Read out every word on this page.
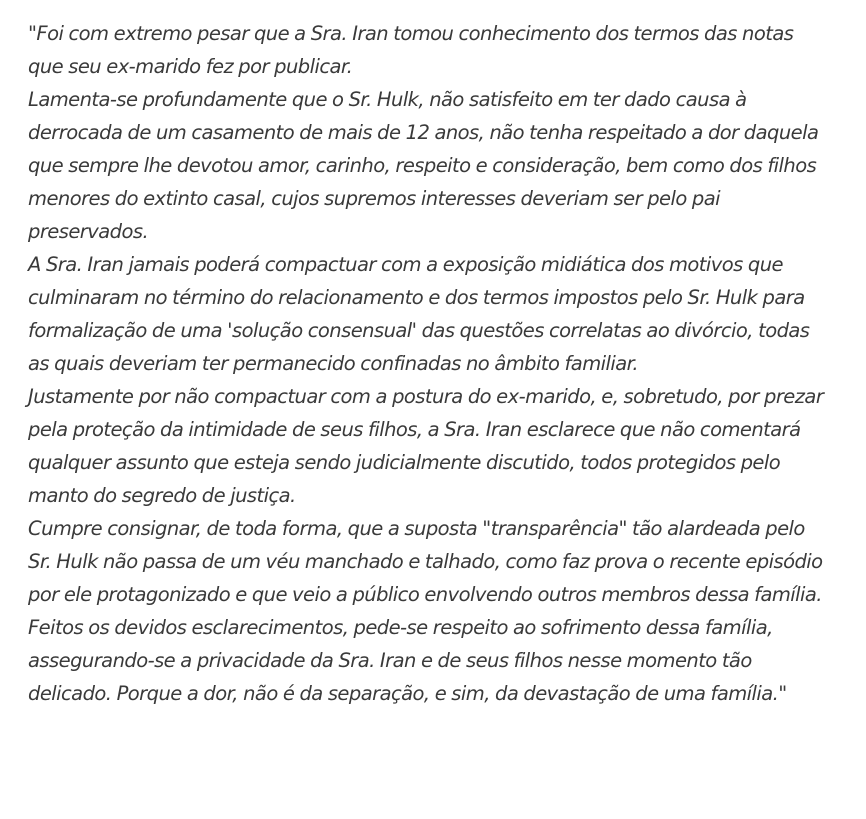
"Foi com extremo pesar que a Sra. Iran tomou conhecimento dos termos das notas que seu ex-marido fez por publicar.

Lamenta-se profundamente que o Sr. Hulk, não satisfeito em ter dado causa à derrocada de um casamento de mais de 12 anos, não tenha respeitado a dor daquela que sempre lhe devotou amor, carinho, respeito e consideração, bem como dos filhos menores do extinto casal, cujos supremos interesses deveriam ser pelo pai preservados.

A Sra. Iran jamais poderá compactuar com a exposição midiática dos motivos que culminaram no término do relacionamento e dos termos impostos pelo Sr. Hulk para formalização de uma 'solução consensual' das questões correlatas ao divórcio, todas as quais deveriam ter permanecido confinadas no âmbito familiar.

Justamente por não compactuar com a postura do ex-marido, e, sobretudo, por prezar pela proteção da intimidade de seus filhos, a Sra. Iran esclarece que não comentará qualquer assunto que esteja sendo judicialmente discutido, todos protegidos pelo manto do segredo de justiça.

Cumpre consignar, de toda forma, que a suposta "transparência" tão alardeada pelo Sr. Hulk não passa de um véu manchado e talhado, como faz prova o recente episódio por ele protagonizado e que veio a público envolvendo outros membros dessa família.

Feitos os devidos esclarecimentos, pede-se respeito ao sofrimento dessa família, assegurando-se a privacidade da Sra. Iran e de seus filhos nesse momento tão delicado. Porque a dor, não é da separação, e sim, da devastação de uma família."
